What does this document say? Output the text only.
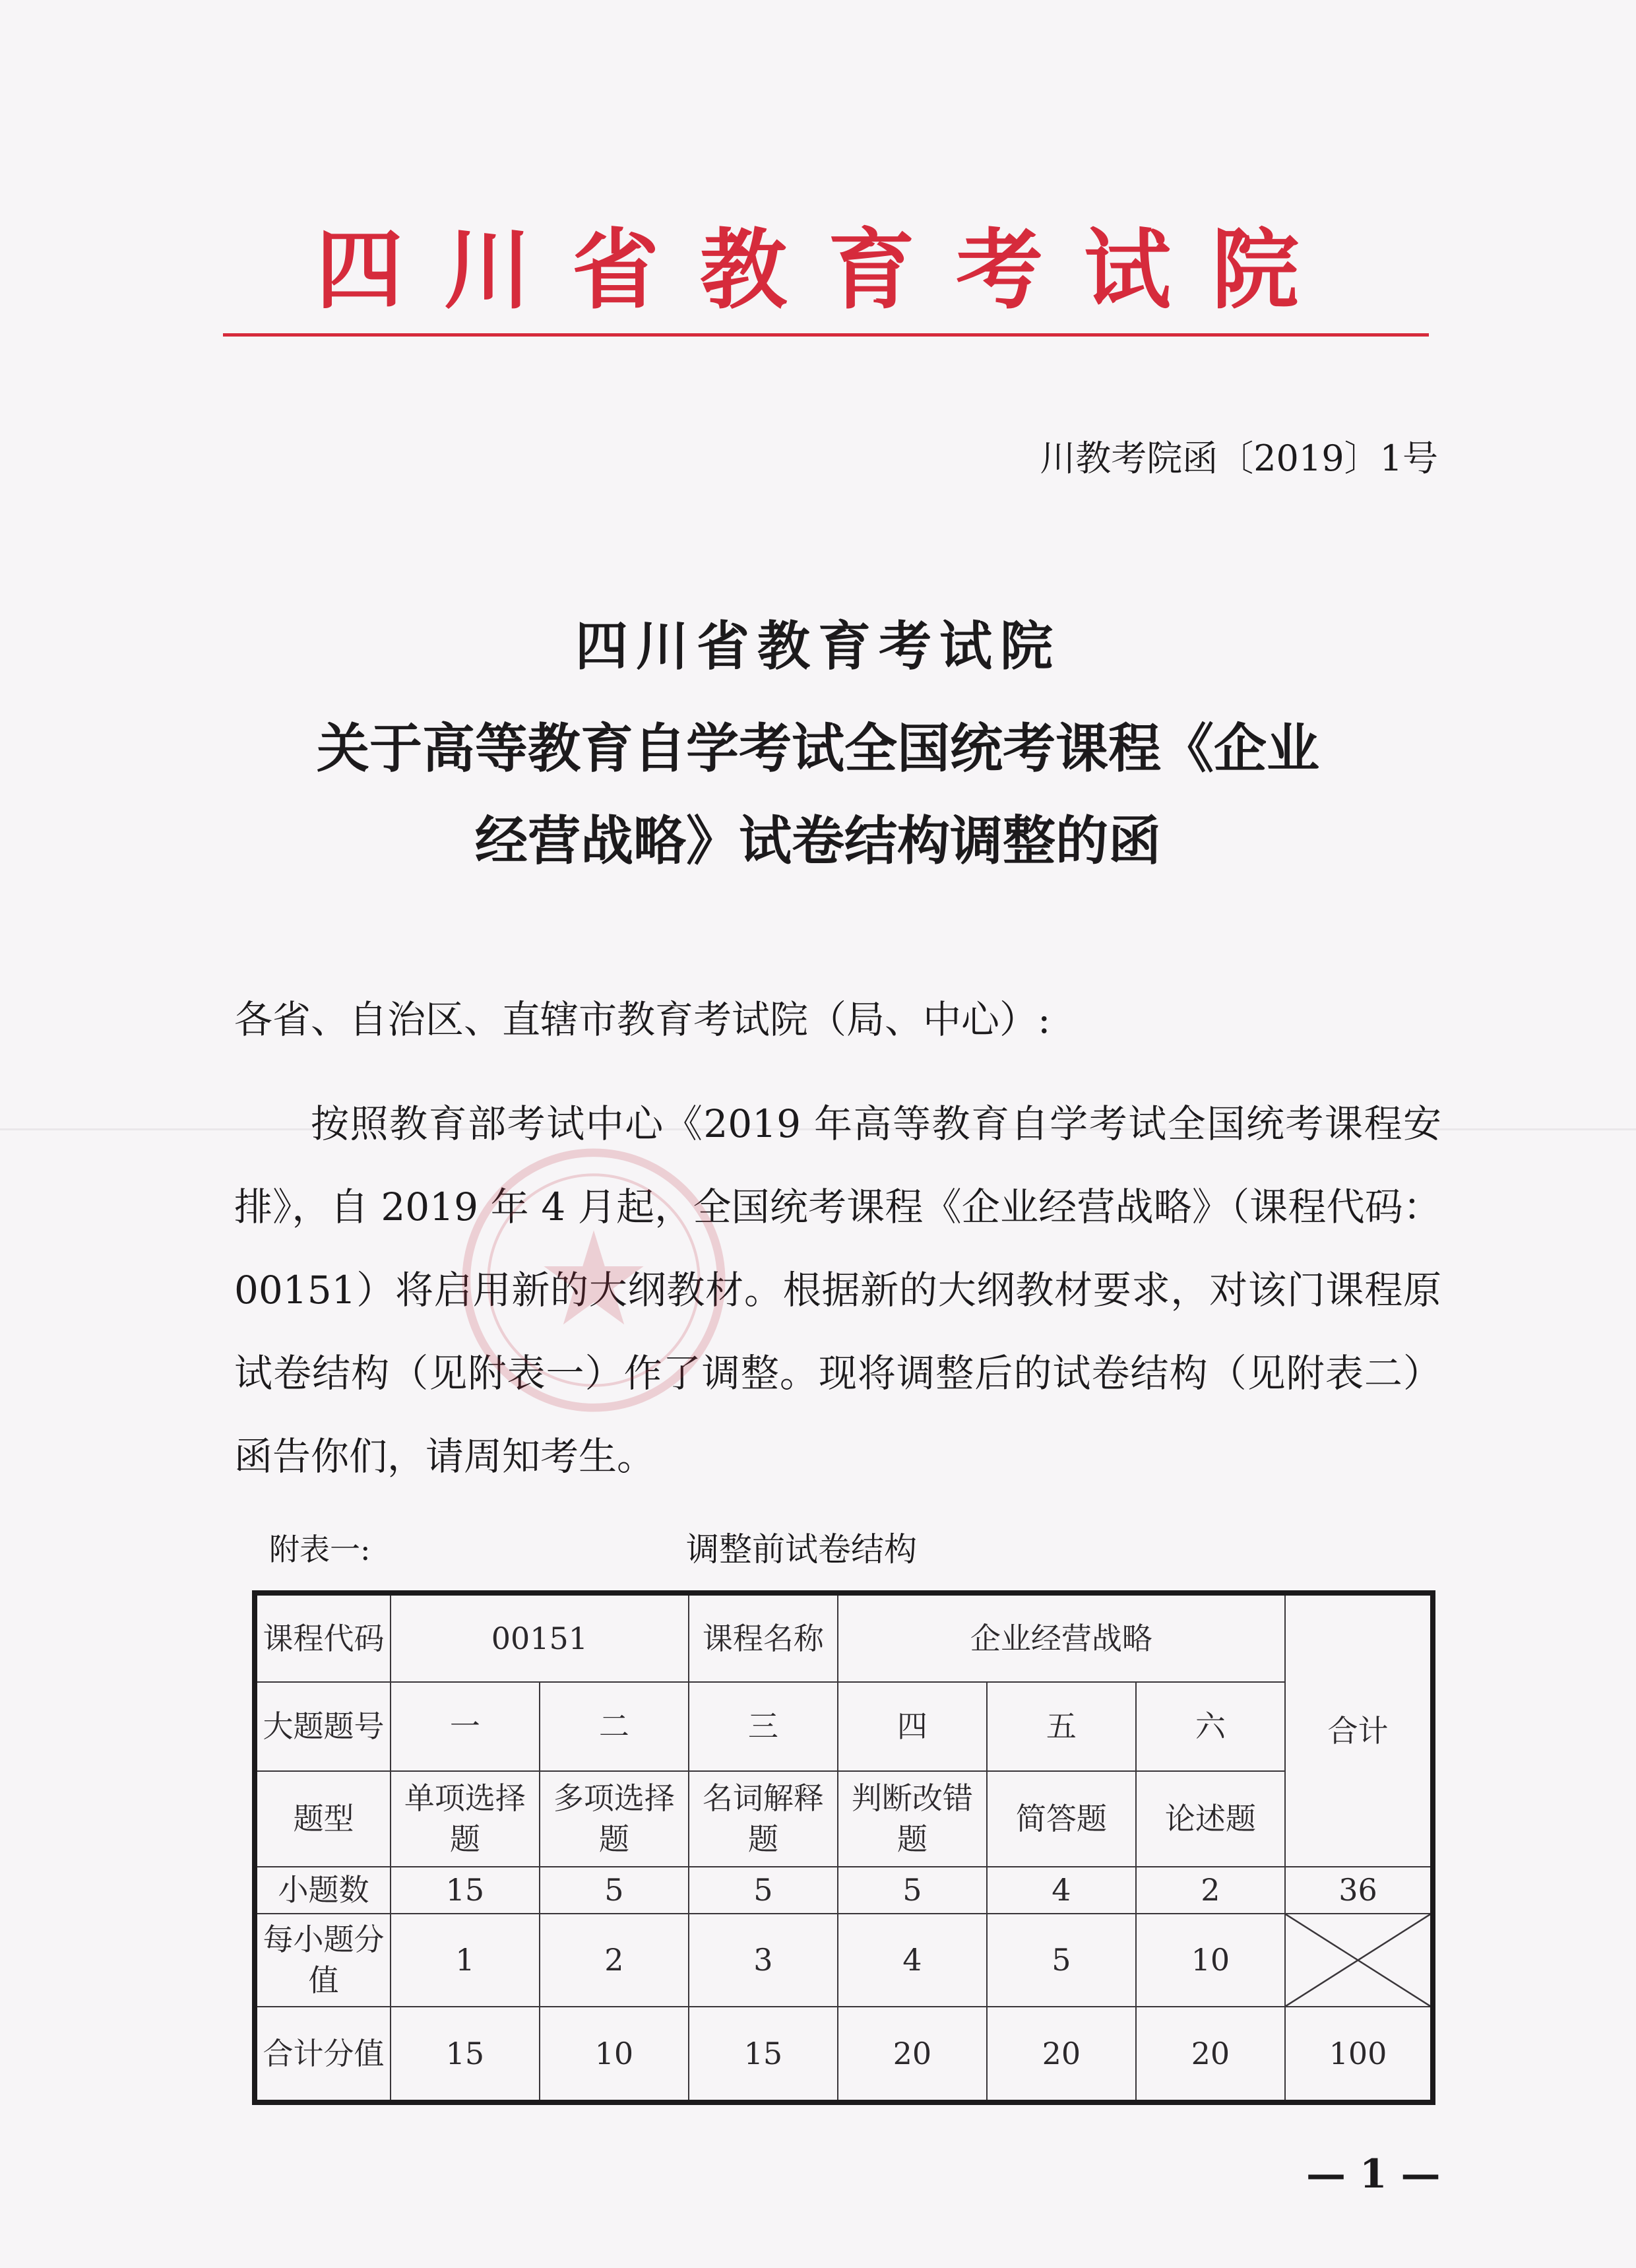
四川省教育考试院
川教考院函〔2019〕1号
四川省教育考试院
关于高等教育自学考试全国统考课程《企业
经营战略》试卷结构调整的函
各省、自治区、直辖市教育考试院（局、中心）:
按照教育部考试中心《2019 年高等教育自学考试全国统考课程安排》，自 2019 年 4 月起，全国统考课程《企业经营战略》（课程代码：00151）将启用新的大纲教材。根据新的大纲教材要求，对该门课程原试卷结构（见附表一）作了调整。现将调整后的试卷结构（见附表二）函告你们，请周知考生。
附表一:	调整前试卷结构
课程代码	00151		课程名称	企业经营战略			合计
大题题号	一	二	三	四	五	六	
题型	单项选择题	多项选择题	名词解释题	判断改错题	简答题	论述题	
小题数	15	5	5	5	4	2	36
每小题分值	1	2	3	4	5	10	

合计分值	15	10	15	20	20	20	100
— 1 —
